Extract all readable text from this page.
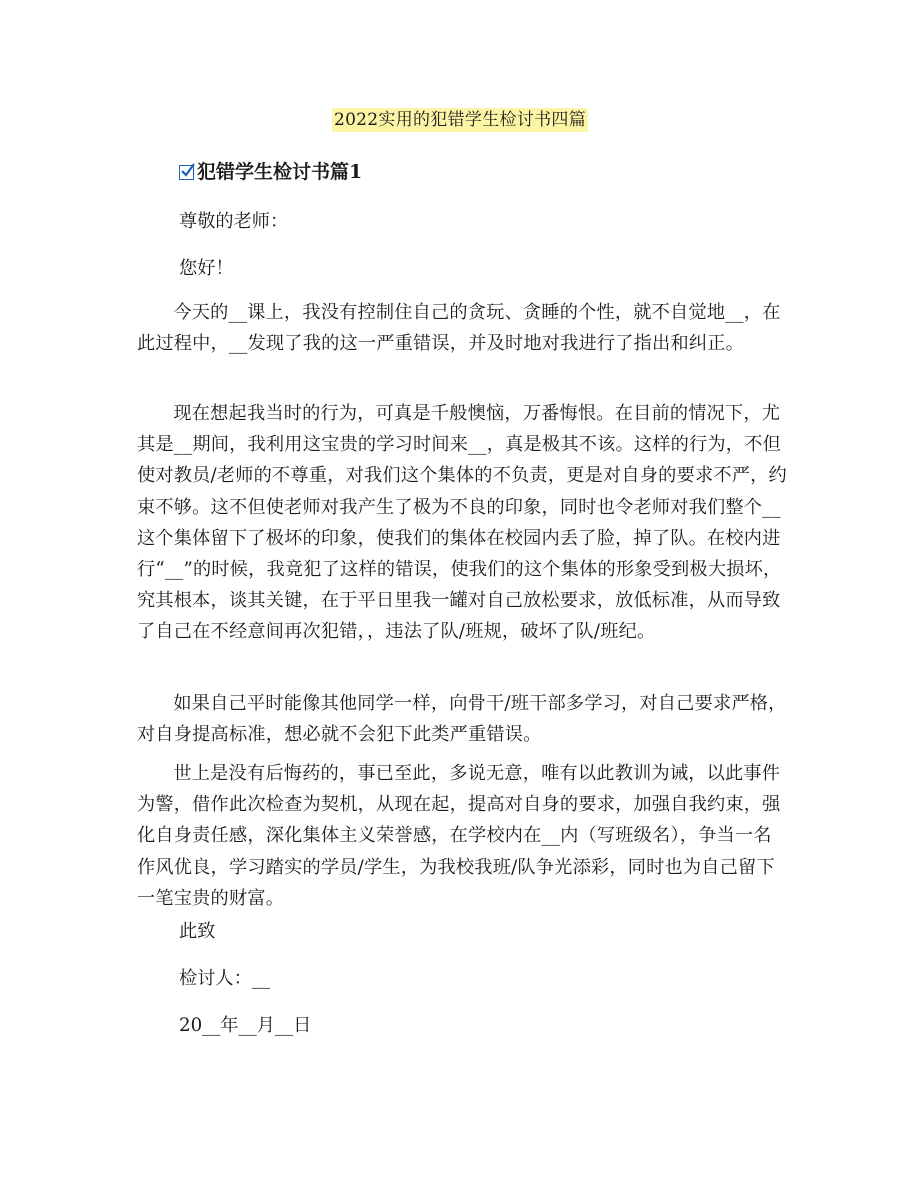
2022实用的犯错学生检讨书四篇
犯错学生检讨书篇1

尊敬的老师：

您好！

今天的__课上，我没有控制住自己的贪玩、贪睡的个性，就不自觉地__，在此过程中，__发现了我的这一严重错误，并及时地对我进行了指出和纠正。

现在想起我当时的行为，可真是千般懊恼，万番悔恨。在目前的情况下，尤其是__期间，我利用这宝贵的学习时间来__，真是极其不该。这样的行为，不但使对教员/老师的不尊重，对我们这个集体的不负责，更是对自身的要求不严，约束不够。这不但使老师对我产生了极为不良的印象，同时也令老师对我们整个__这个集体留下了极坏的印象，使我们的集体在校园内丢了脸，掉了队。在校内进行“__”的时候，我竟犯了这样的错误，使我们的这个集体的形象受到极大损坏，究其根本，谈其关键，在于平日里我一罐对自己放松要求，放低标准，从而导致了自己在不经意间再次犯错，，违法了队/班规，破坏了队/班纪。

如果自己平时能像其他同学一样，向骨干/班干部多学习，对自己要求严格，对自身提高标准，想必就不会犯下此类严重错误。

世上是没有后悔药的，事已至此，多说无意，唯有以此教训为诫，以此事件为警，借作此次检查为契机，从现在起，提高对自身的要求，加强自我约束，强化自身责任感，深化集体主义荣誉感，在学校内在__内（写班级名），争当一名作风优良，学习踏实的学员/学生，为我校我班/队争光添彩，同时也为自己留下一笔宝贵的财富。

此致

检讨人：__

20__年__月__日
